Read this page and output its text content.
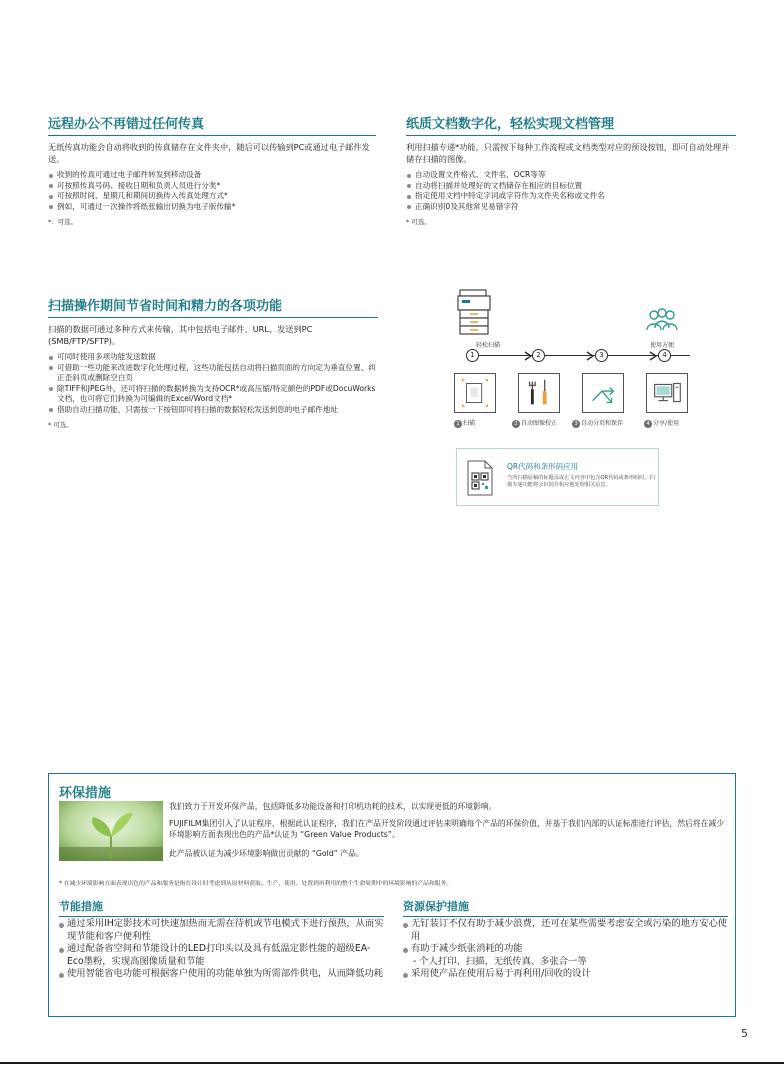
远程办公不再错过任何传真

无纸传真功能会自动将收到的传真储存在文件夹中，随后可以传输到PC或通过电子邮件发送。

收到的传真可通过电子邮件转发到移动设备
可按照传真号码、接收日期和负责人员进行分类*
可按照时间、星期几和期间切换传入传真处理方式*
例如，可通过一次操作将纸张输出切换为电子版传输*

*：可选。

纸质文档数字化，轻松实现文档管理

利用扫描专递*功能，只需按下每种工作流程或文档类型对应的预设按钮，即可自动处理并储存扫描的图像。

自动设置文件格式、文件名、OCR等等
自动将扫描并处理好的文档储存在相应的目标位置
指定使用文档中特定字词或字符作为文件夹名称或文件名
正确识别0及其他常见易错字符

* 可选。

扫描操作期间节省时间和精力的各项功能

扫描的数据可通过多种方式来传输，其中包括电子邮件、URL、发送到PC (SMB/FTP/SFTP)。

可同时使用多项功能发送数据
可借助一些功能来改进数字化处理过程，这些功能包括自动将扫描页面的方向定为垂直位置、纠正歪斜页或删除空白页
除TIFF和JPEG外，还可将扫描的数据转换为支持OCR*或高压缩/特定颜色的PDF或DocuWorks文档，也可将它们转换为可编辑的Excel/Word文档*
借助自动扫描功能，只需按一下按钮即可将扫描的数据轻松发送到您的电子邮件地址

* 可选。

轻松扫描	使用方便
1	2	3	4
1 扫描	2 自动图像校正	3 自动分页和保存	4 分享/使用
QR代码和条形码应用
当所扫描原稿的标题页或正文内容中包含QR代码或条形码时，扫描专递功能将会识别并相应地处理相关信息。
环保措施

我们致力于开发环保产品，包括降低多功能设备和打印机功耗的技术，以实现更低的环境影响。

FUJIFILM集团引入了认证程序，根据此认证程序，我们在产品开发阶段通过评估来明确每个产品的环保价值，并基于我们内部的认证标准进行评估，然后将在减少环境影响方面表现出色的产品*认证为 “Green Value Products”。

此产品被认证为减少环境影响做出贡献的 “Gold” 产品。

* 在减少环境影响方面表现出色的产品和服务是指在设计时考虑到从原材料获取、生产、使用、处置到再利用的整个生命周期中的环境影响的产品和服务。

节能措施
通过采用IH定影技术可快速加热而无需在待机或节电模式下进行预热，从而实现节能和客户便利性
通过配备省空间和节能设计的LED打印头以及具有低温定影性能的超级EA-Eco墨粉，实现高图像质量和节能
使用智能省电功能可根据客户使用的功能单独为所需部件供电，从而降低功耗
资源保护措施
无钉装订不仅有助于减少浪费，还可在某些需要考虑安全或污染的地方安心使用
有助于减少纸张消耗的功能
- 个人打印、扫描、无纸传真、多张合一等
采用使产品在使用后易于再利用/回收的设计
5
